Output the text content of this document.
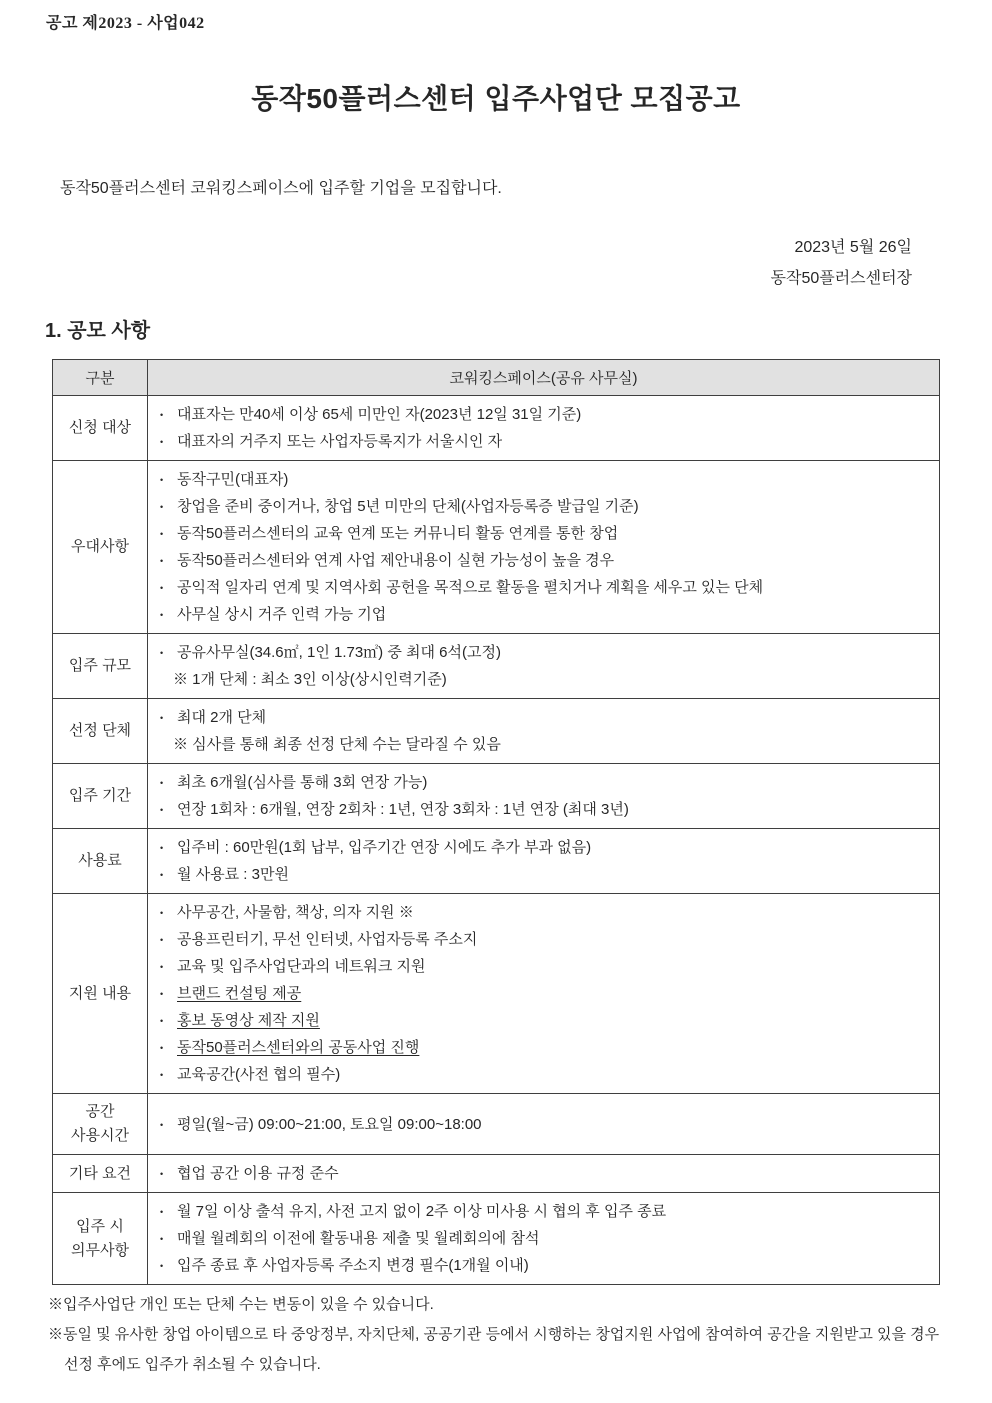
공고 제2023 - 사업042
동작50플러스센터 입주사업단 모집공고

동작50플러스센터 코워킹스페이스에 입주할 기업을 모집합니다.

2023년 5월 26일
동작50플러스센터장
1. 공모 사항
구분	코워킹스페이스(공유 사무실)
신청 대상	
• 대표자는 만40세 이상 65세 미만인 자(2023년 12일 31일 기준)
• 대표자의 거주지 또는 사업자등록지가 서울시인 자

우대사항	
• 동작구민(대표자)
• 창업을 준비 중이거나, 창업 5년 미만의 단체(사업자등록증 발급일 기준)
• 동작50플러스센터의 교육 연계 또는 커뮤니티 활동 연계를 통한 창업
• 동작50플러스센터와 연계 사업 제안내용이 실현 가능성이 높을 경우
• 공익적 일자리 연계 및 지역사회 공헌을 목적으로 활동을 펼치거나 계획을 세우고 있는 단체
• 사무실 상시 거주 인력 가능 기업

입주 규모	
• 공유사무실(34.6㎡, 1인 1.73㎡) 중 최대 6석(고정)
※ 1개 단체 : 최소 3인 이상(상시인력기준)

선정 단체	
• 최대 2개 단체
※ 심사를 통해 최종 선정 단체 수는 달라질 수 있음

입주 기간	
• 최초 6개월(심사를 통해 3회 연장 가능)
• 연장 1회차 : 6개월, 연장 2회차 : 1년, 연장 3회차 : 1년 연장 (최대 3년)

사용료	
• 입주비 : 60만원(1회 납부, 입주기간 연장 시에도 추가 부과 없음)
• 월 사용료 : 3만원

지원 내용	
• 사무공간, 사물함, 책상, 의자 지원 ※
• 공용프린터기, 무선 인터넷, 사업자등록 주소지
• 교육 및 입주사업단과의 네트워크 지원
• 브랜드 컨설팅 제공
• 홍보 동영상 제작 지원
• 동작50플러스센터와의 공동사업 진행
• 교육공간(사전 협의 필수)

공간 사용시간	
• 평일(월~금) 09:00~21:00, 토요일 09:00~18:00

기타 요건	• 협업 공간 이용 규정 준수

입주 시 의무사항	
• 월 7일 이상 출석 유지, 사전 고지 없이 2주 이상 미사용 시 협의 후 입주 종료
• 매월 월례회의 이전에 활동내용 제출 및 월례회의에 참석
• 입주 종료 후 사업자등록 주소지 변경 필수(1개월 이내)
※입주사업단 개인 또는 단체 수는 변동이 있을 수 있습니다.
※동일 및 유사한 창업 아이템으로 타 중앙정부, 자치단체, 공공기관 등에서 시행하는 창업지원 사업에 참여하여 공간을 지원받고 있을 경우 선정 후에도 입주가 취소될 수 있습니다.
